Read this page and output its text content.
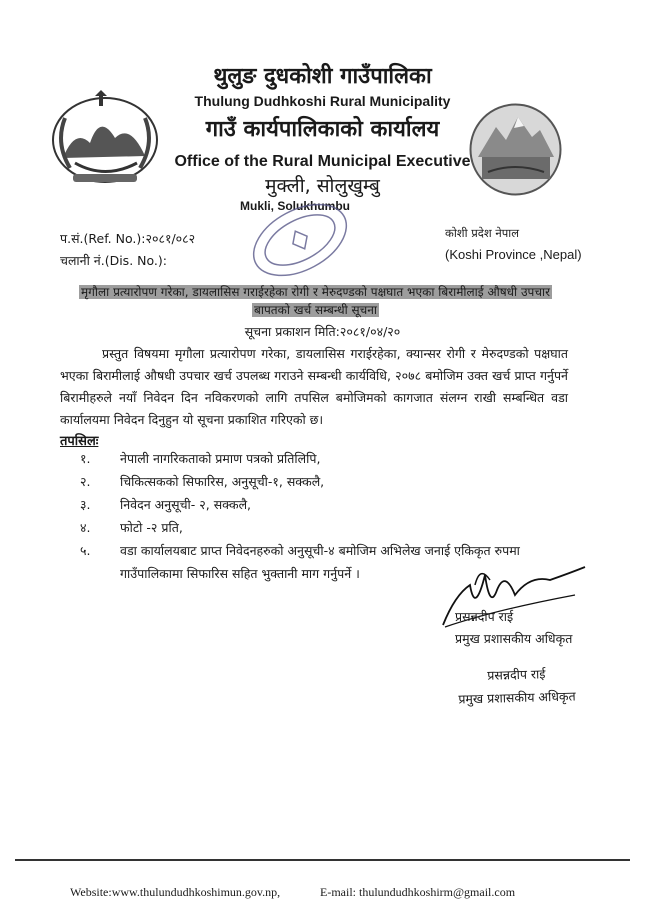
थुलुङ दुधकोशी गाउँपालिका
Thulung Dudhkoshi Rural Municipality
गाउँ कार्यपालिकाको कार्यालय
Office of the Rural Municipal Executive
मुक्ली, सोलुखुम्बु
Mukli, Solukhumbu
प.सं.(Ref. No.):२०८१/०८२
चलानी नं.(Dis. No.):
कोशी प्रदेश नेपाल
(Koshi Province ,Nepal)
मृगौला प्रत्यारोपण गरेका, डायलासिस गराईरहेका रोगी र मेरुदण्डको पक्षघात भएका बिरामीलाई औषधी उपचार बापतको खर्च सम्बन्धी सूचना
सूचना प्रकाशन मिति:२०८१/०४/२०
प्रस्तुत विषयमा मृगौला प्रत्यारोपण गरेका, डायलासिस गराईरहेका, क्यान्सर रोगी र मेरुदण्डको पक्षघात भएका बिरामीलाई औषधी उपचार खर्च उपलब्ध गराउने सम्बन्धी कार्यविधि, २०७८ बमोजिम उक्त खर्च प्राप्त गर्नुपर्ने बिरामीहरुले नयाँ निवेदन दिन नविकरणको लागि तपसिल बमोजिमको कागजात संलग्न राखी सम्बन्धित वडा कार्यालयमा निवेदन दिनुहुन यो सूचना प्रकाशित गरिएको छ।
तपसिलः
१.	नेपाली नागरिकताको प्रमाण पत्रको प्रतिलिपि,
२.	चिकित्सकको सिफारिस, अनुसूची-१, सक्कलै,
३.	निवेदन अनुसूची- २, सक्कलै,
४.	फोटो -२ प्रति,
५.	वडा कार्यालयबाट प्राप्त निवेदनहरुको अनुसूची-४ बमोजिम अभिलेख जनाई एकिकृत रुपमा गाउँपालिकामा सिफारिस सहित भुक्तानी माग गर्नुपर्ने ।
प्रसन्नदीप राई
प्रमुख प्रशासकीय अधिकृत
प्रसन्नदीप राई
प्रमुख प्रशासकीय अधिकृत
Website:www.thulundudhkoshimun.gov.np,	E-mail: thulundudhkoshirm@gmail.com
